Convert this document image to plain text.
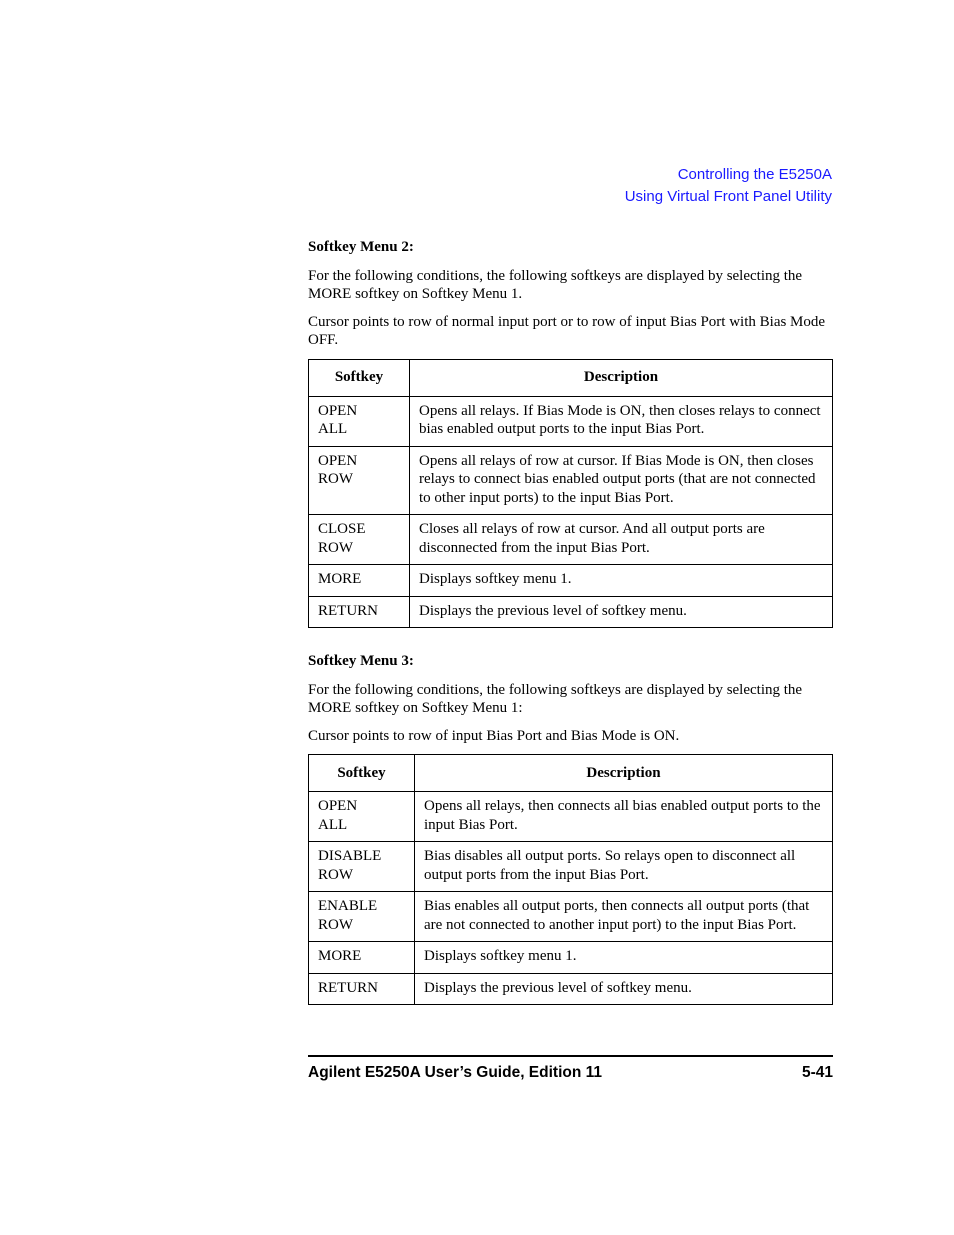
Controlling the E5250A
Using Virtual Front Panel Utility
Softkey Menu 2:

For the following conditions, the following softkeys are displayed by selecting the MORE softkey on Softkey Menu 1.

Cursor points to row of normal input port or to row of input Bias Port with Bias Mode OFF.

Softkey	Description
OPEN
ALL	Opens all relays. If Bias Mode is ON, then closes relays to connect bias enabled output ports to the input Bias Port.
OPEN
ROW	Opens all relays of row at cursor. If Bias Mode is ON, then closes relays to connect bias enabled output ports (that are not connected to other input ports) to the input Bias Port.
CLOSE
ROW	Closes all relays of row at cursor. And all output ports are disconnected from the input Bias Port.
MORE	Displays softkey menu 1.
RETURN	Displays the previous level of softkey menu.
Softkey Menu 3:

For the following conditions, the following softkeys are displayed by selecting the MORE softkey on Softkey Menu 1:

Cursor points to row of input Bias Port and Bias Mode is ON.

Softkey	Description
OPEN
ALL	Opens all relays, then connects all bias enabled output ports to the input Bias Port.
DISABLE
ROW	Bias disables all output ports. So relays open to disconnect all output ports from the input Bias Port.
ENABLE
ROW	Bias enables all output ports, then connects all output ports (that are not connected to another input port) to the input Bias Port.
MORE	Displays softkey menu 1.
RETURN	Displays the previous level of softkey menu.
Agilent E5250A User’s Guide, Edition 11	5-41
